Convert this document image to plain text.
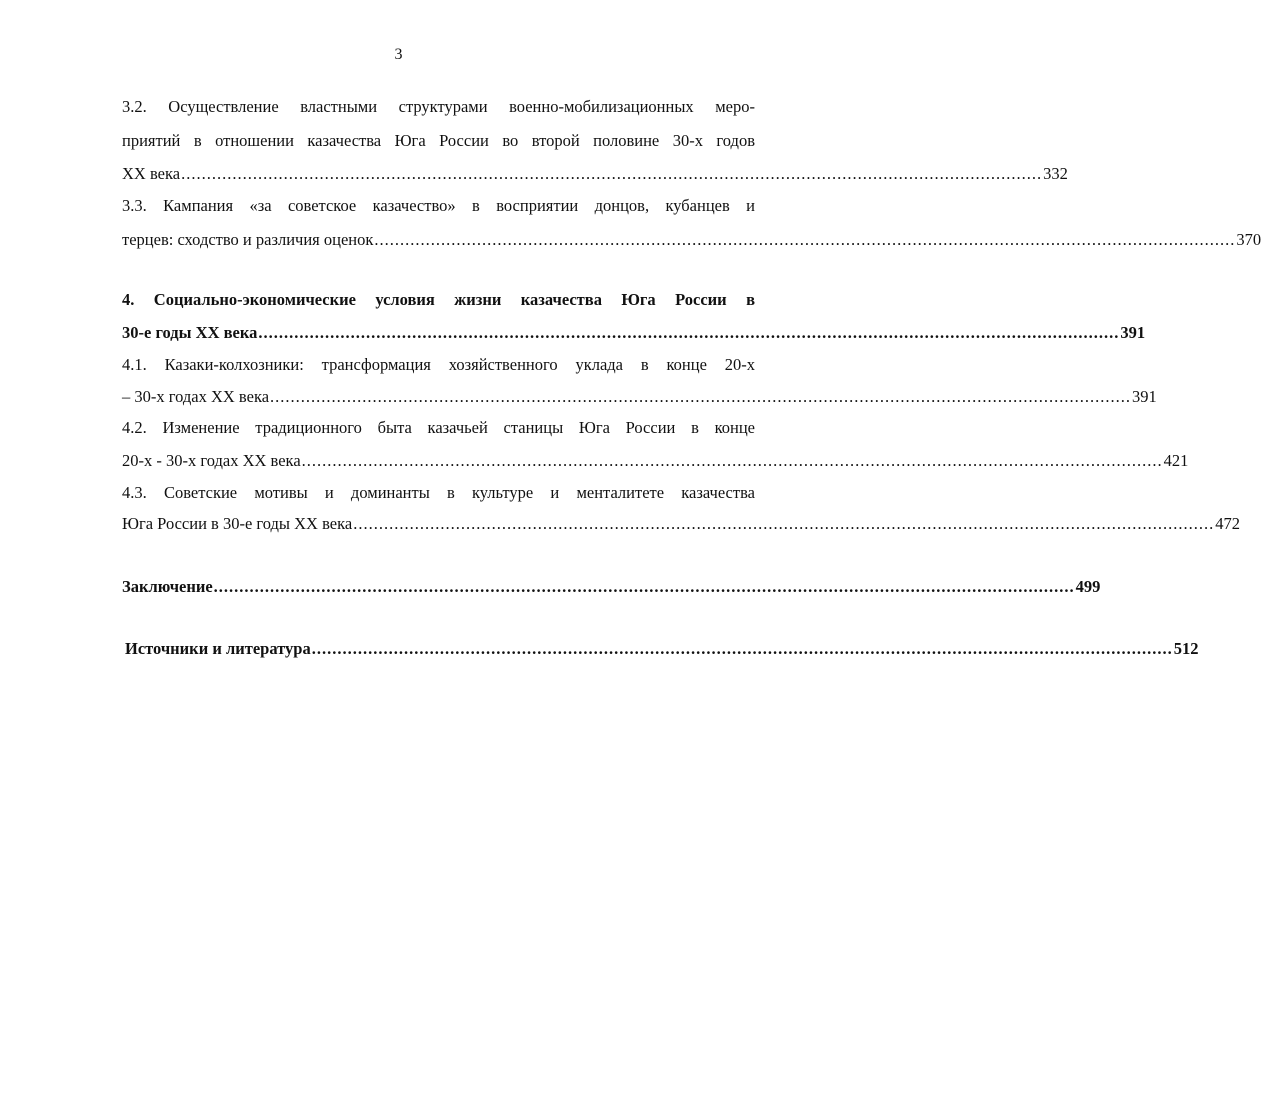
3
3.2. Осуществление властными структурами военно-мобилизационных меро-
приятий в отношении казачества Юга России во второй половине 30-х годов
ХХ века ........................................................................................................................................................................ 332
3.3. Кампания «за советское казачество» в восприятии донцов, кубанцев и
терцев: сходство и различия оценок ........................................................................................................................................................................ 370
4. Социально-экономические условия жизни казачества Юга России в
30-е годы ХХ века ........................................................................................................................................................................ 391
4.1. Казаки-колхозники: трансформация хозяйственного уклада в конце 20-х
– 30-х годах ХХ века ........................................................................................................................................................................ 391
4.2. Изменение традиционного быта казачьей станицы Юга России в конце
20-х - 30-х годах ХХ века ........................................................................................................................................................................ 421
4.3. Советские мотивы и доминанты в культуре и менталитете казачества
Юга России в 30-е годы ХХ века ........................................................................................................................................................................ 472
Заключение ........................................................................................................................................................................ 499
Источники и литература ........................................................................................................................................................................ 512
